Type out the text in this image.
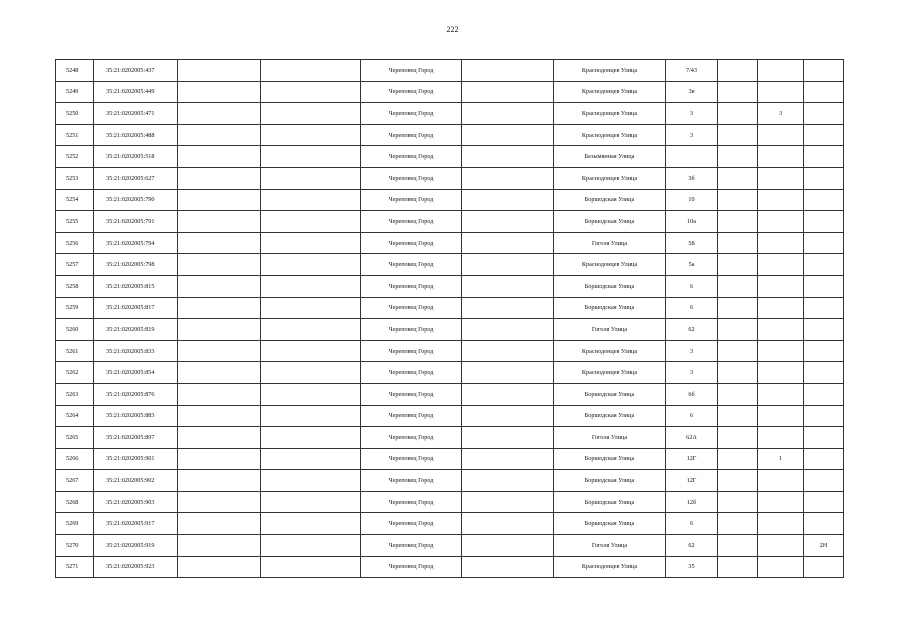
222
5248	35:21:0202005:437			Череповец Город		Краснодонцев Улица	7/43			
5249	35:21:0202005:449			Череповец Город		Краснодонцев Улица	3в			
5250	35:21:0202005:471			Череповец Город		Краснодонцев Улица	3		3	
5251	35:21:0202005:488			Череповец Город		Краснодонцев Улица	3			
5252	35:21:0202005:518			Череповец Город		Безымянная Улица				
5253	35:21:0202005:627			Череповец Город		Краснодонцев Улица	3б			
5254	35:21:0202005:790			Череповец Город		Боршодская Улица	10			
5255	35:21:0202005:791			Череповец Город		Боршодская Улица	10а			
5256	35:21:0202005:794			Череповец Город		Гоголя Улица	58			
5257	35:21:0202005:798			Череповец Город		Краснодонцев Улица	5а			
5258	35:21:0202005:815			Череповец Город		Боршодская Улица	6			
5259	35:21:0202005:817			Череповец Город		Боршодская Улица	6			
5260	35:21:0202005:819			Череповец Город		Гоголя Улица	62			
5261	35:21:0202005:833			Череповец Город		Краснодонцев Улица	3			
5262	35:21:0202005:854			Череповец Город		Краснодонцев Улица	3			
5263	35:21:0202005:876			Череповец Город		Боршодская Улица	6б			
5264	35:21:0202005:883			Череповец Город		Боршодская Улица	6			
5265	35:21:0202005:897			Череповец Город		Гоголя Улица	62А			
5266	35:21:0202005:901			Череповец Город		Боршодская Улица	12Г		1	
5267	35:21:0202005:902			Череповец Город		Боршодская Улица	12Г			
5268	35:21:0202005:903			Череповец Город		Боршодская Улица	12б			
5269	35:21:0202005:917			Череповец Город		Боршодская Улица	6			
5270	35:21:0202005:919			Череповец Город		Гоголя Улица	62			2Н
5271	35:21:0202005:923			Череповец Город		Краснодонцев Улица	35			
